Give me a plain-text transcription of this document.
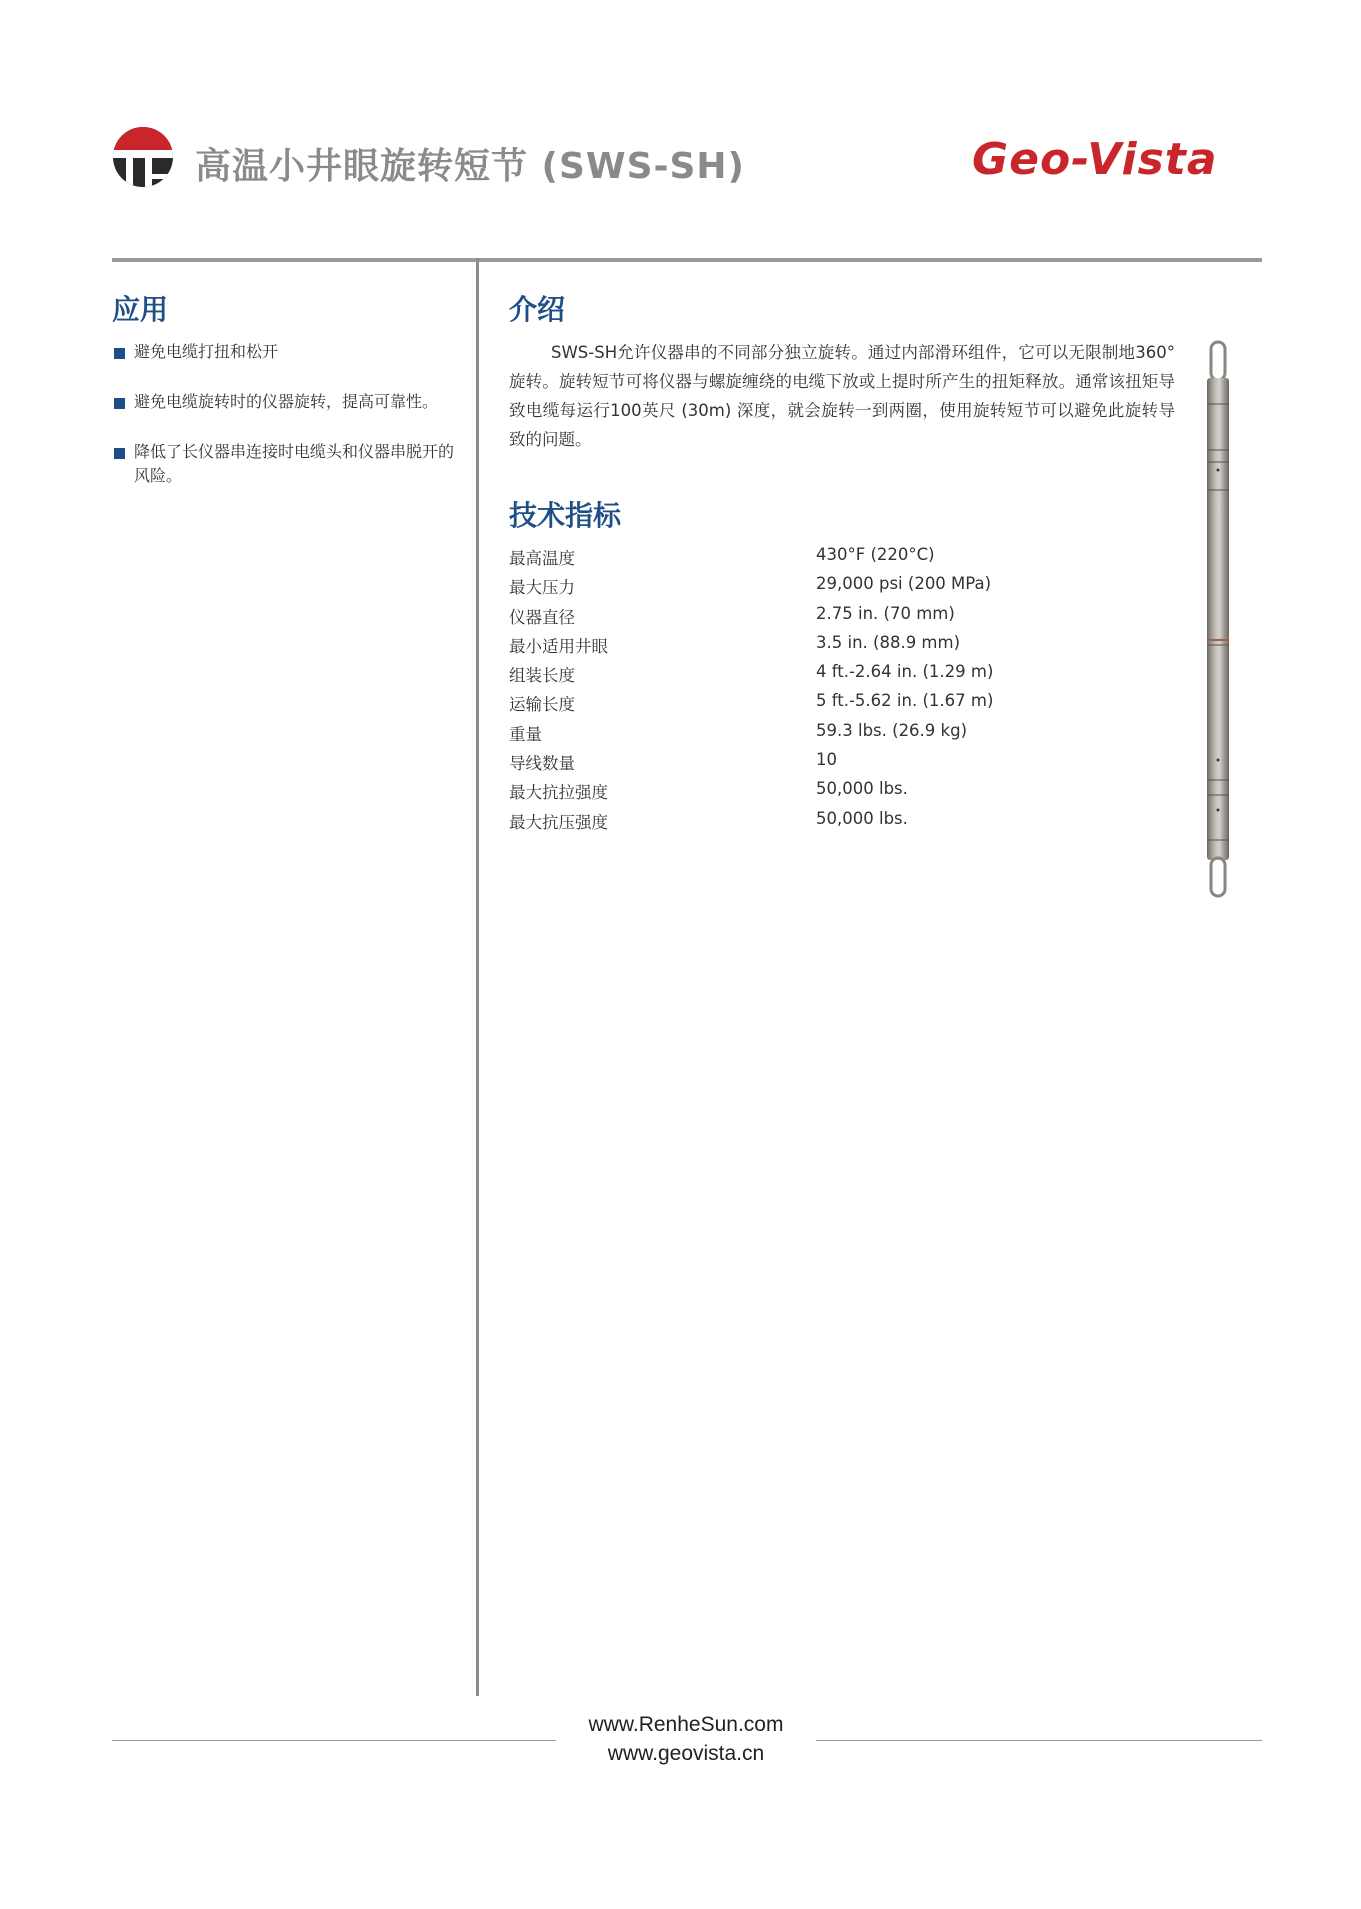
高温小井眼旋转短节 (SWS-SH)	Geo-Vista
应用
避免电缆打扭和松开
避免电缆旋转时的仪器旋转，提高可靠性。
降低了长仪器串连接时电缆头和仪器串脱开的风险。
介绍

SWS-SH允许仪器串的不同部分独立旋转。通过内部滑环组件，它可以无限制地360°旋转。旋转短节可将仪器与螺旋缠绕的电缆下放或上提时所产生的扭矩释放。通常该扭矩导致电缆每运行100英尺 (30m) 深度，就会旋转一到两圈，使用旋转短节可以避免此旋转导致的问题。

技术指标
最高温度	430°F (220°C)
最大压力	29,000 psi (200 MPa)
仪器直径	2.75 in. (70 mm)
最小适用井眼	3.5 in. (88.9 mm)
组装长度	4 ft.-2.64 in. (1.29 m)
运输长度	5 ft.-5.62 in. (1.67 m)
重量	59.3 lbs. (26.9 kg)
导线数量	10
最大抗拉强度	50,000 lbs.
最大抗压强度	50,000 lbs.
www.RenheSun.com
www.geovista.cn
